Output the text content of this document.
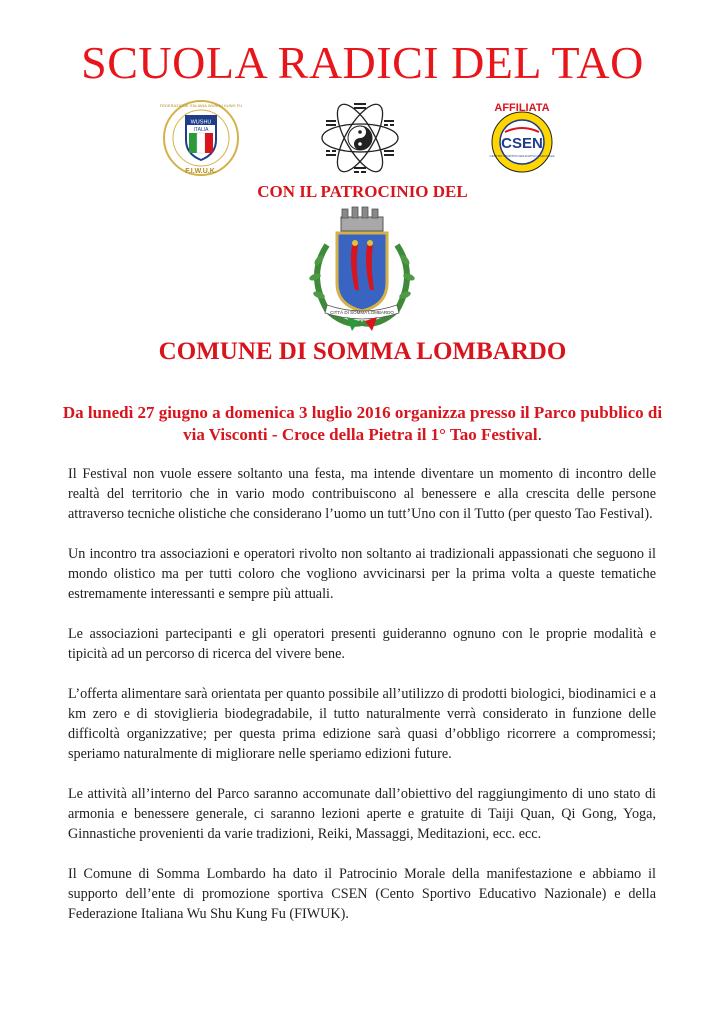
SCUOLA RADICI DEL TAO
WUSHU
ITALIA
F.I.W.U.K.
FEDERAZIONE ITALIANA WUSHU KUNG FU	AFFILIATA
CSEN
CENTRO SPORTIVO EDUCATIVO NAZIONALE
CON IL PATROCINIO DEL
CITTÀ DI SOMMA LOMBARDO
COMUNE DI SOMMA LOMBARDO
Da lunedì 27 giugno a domenica 3 luglio 2016 organizza presso il Parco pubblico di via Visconti - Croce della Pietra il 1° Tao Festival.

Il Festival non vuole essere soltanto una festa, ma intende diventare un momento di incontro delle realtà del territorio che in vario modo contribuiscono al benessere e alla crescita delle persone attraverso tecniche olistiche che considerano l’uomo un tutt’Uno con il Tutto (per questo Tao Festival).

Un incontro tra associazioni e operatori rivolto non soltanto ai tradizionali appassionati che seguono il mondo olistico ma per tutti coloro che vogliono avvicinarsi per la prima volta a queste tematiche estremamente interessanti e sempre più attuali.

Le associazioni partecipanti e gli operatori presenti guideranno ognuno con le proprie modalità e tipicità ad un percorso di ricerca del vivere bene.

L’offerta alimentare sarà orientata per quanto possibile all’utilizzo di prodotti biologici, biodinamici e a km zero e di stoviglieria biodegradabile, il tutto naturalmente verrà considerato in funzione delle difficoltà organizzative; per questa prima edizione sarà quasi d’obbligo ricorrere a compromessi; speriamo naturalmente di migliorare nelle speriamo edizioni future.

Le attività all’interno del Parco saranno accomunate dall’obiettivo del raggiungimento di uno stato di armonia e benessere generale, ci saranno lezioni aperte e gratuite di Taiji Quan, Qi Gong, Yoga, Ginnastiche provenienti da varie tradizioni, Reiki, Massaggi, Meditazioni, ecc. ecc.

Il Comune di Somma Lombardo ha dato il Patrocinio Morale della manifestazione e abbiamo il supporto dell’ente di promozione sportiva CSEN (Cento Sportivo Educativo Nazionale) e della Federazione Italiana Wu Shu Kung Fu (FIWUK).
